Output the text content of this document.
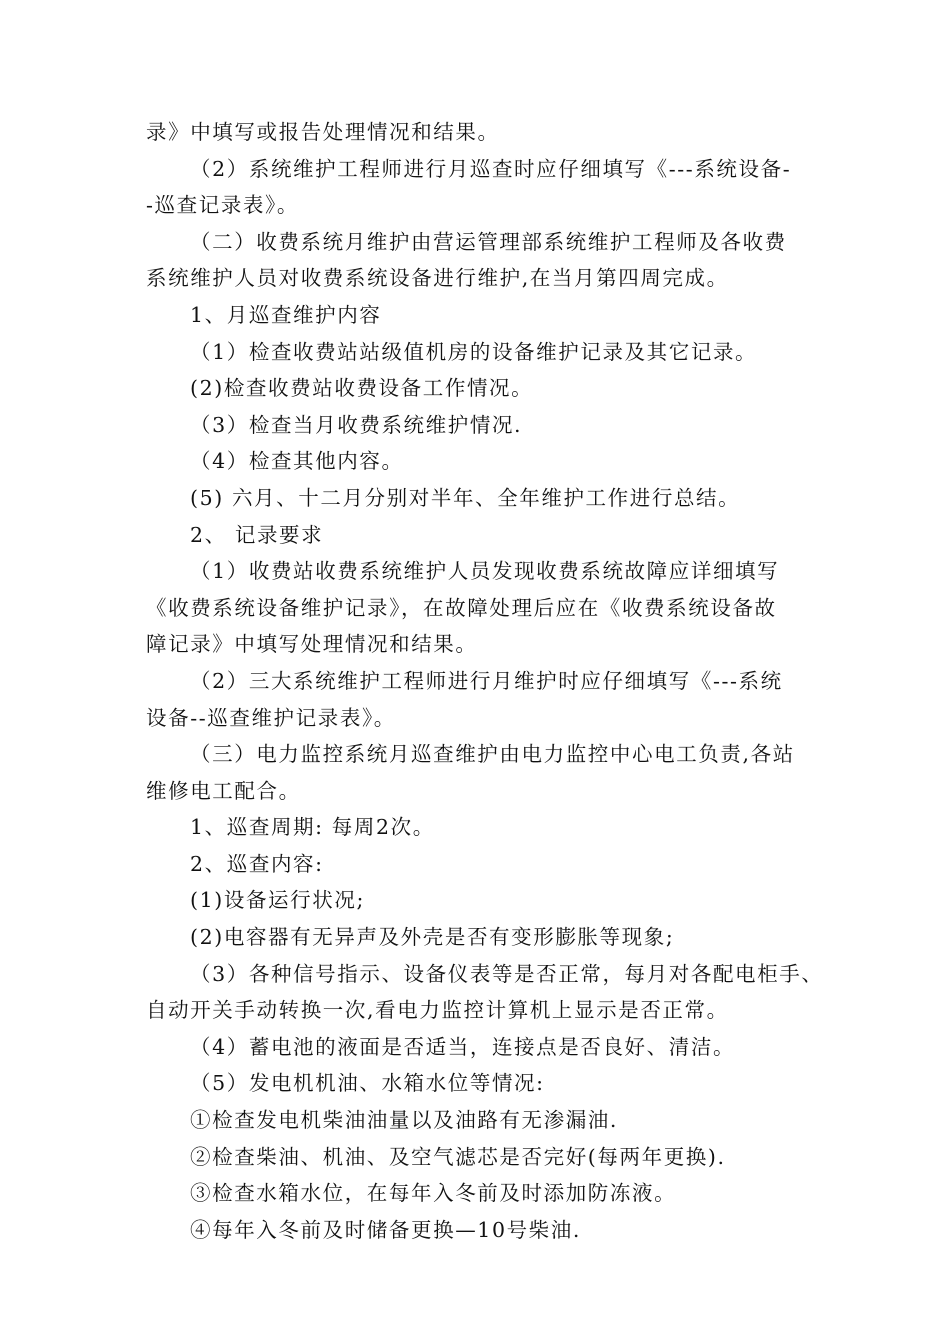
录》中填写或报告处理情况和结果。
（2）系统维护工程师进行月巡查时应仔细填写《---系统设备-
-巡查记录表》。
（二）收费系统月维护由营运管理部系统维护工程师及各收费
系统维护人员对收费系统设备进行维护,在当月第四周完成。
1、月巡查维护内容
（1）检查收费站站级值机房的设备维护记录及其它记录。
(2)检查收费站收费设备工作情况。
（3）检查当月收费系统维护情况.
（4）检查其他内容。
(5) 六月、十二月分别对半年、全年维护工作进行总结。
2、 记录要求
（1）收费站收费系统维护人员发现收费系统故障应详细填写
《收费系统设备维护记录》，在故障处理后应在《收费系统设备故
障记录》中填写处理情况和结果。
（2）三大系统维护工程师进行月维护时应仔细填写《---系统
设备--巡查维护记录表》。
（三）电力监控系统月巡查维护由电力监控中心电工负责,各站
维修电工配合。
1、巡查周期: 每周2次。
2、巡查内容:
(1)设备运行状况;
(2)电容器有无异声及外壳是否有变形膨胀等现象;
（3）各种信号指示、设备仪表等是否正常，每月对各配电柜手、
自动开关手动转换一次,看电力监控计算机上显示是否正常。
（4）蓄电池的液面是否适当，连接点是否良好、清洁。
（5）发电机机油、水箱水位等情况:
①检查发电机柴油油量以及油路有无渗漏油.
②检查柴油、机油、及空气滤芯是否完好(每两年更换).
③检查水箱水位，在每年入冬前及时添加防冻液。
④每年入冬前及时储备更换—10号柴油.
